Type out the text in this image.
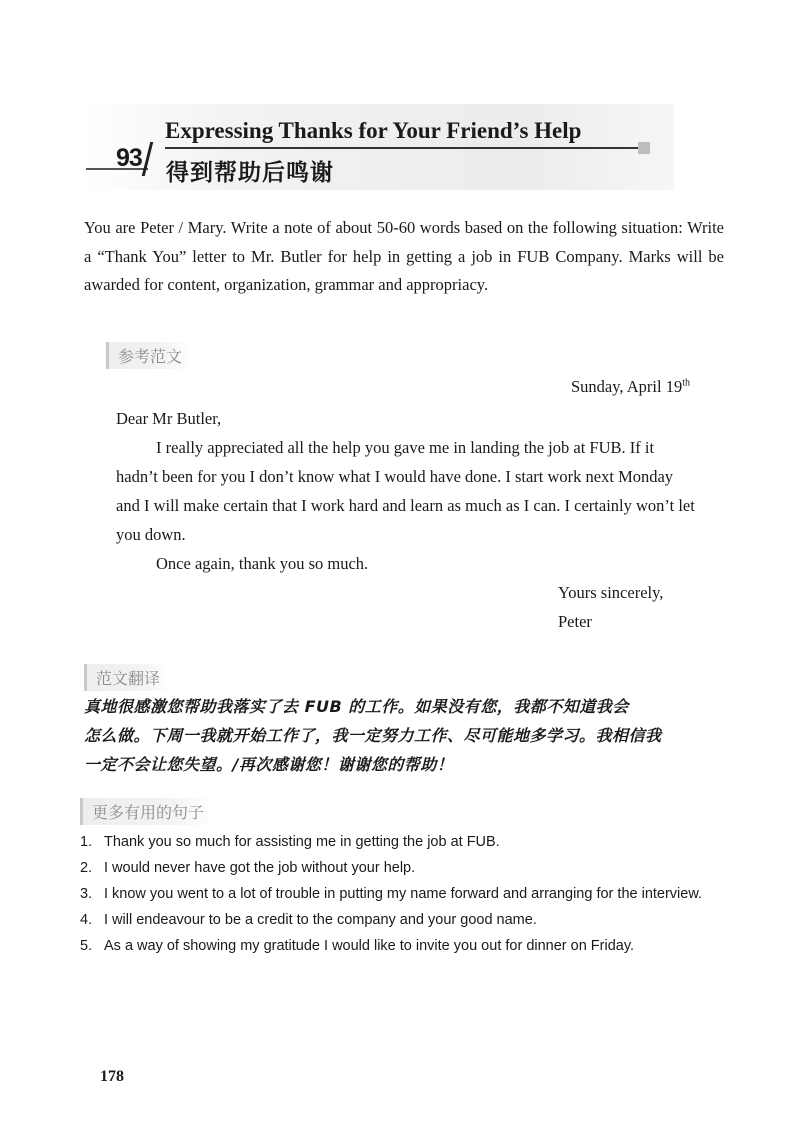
93
Expressing Thanks for Your Friend’s Help
得到帮助后鸣谢
You are Peter / Mary. Write a note of about 50-60 words based on the following situation: Write a “Thank You” letter to Mr. Butler for help in getting a job in FUB Company. Marks will be awarded for content, organization, grammar and appropriacy.
参考范文
Sunday, April 19th

Dear Mr Butler,

I really appreciated all the help you gave me in landing the job at FUB. If it hadn’t been for you I don’t know what I would have done. I start work next Monday and I will make certain that I work hard and learn as much as I can. I certainly won’t let you down.

Once again, thank you so much.

Yours sincerely,
Peter
范文翻译
真地很感激您帮助我落实了去 FUB 的工作。如果没有您，我都不知道我会
怎么做。下周一我就开始工作了，我一定努力工作、尽可能地多学习。我相信我
一定不会让您失望。/再次感谢您！谢谢您的帮助！
更多有用的句子
1. Thank you so much for assisting me in getting the job at FUB.
2. I would never have got the job without your help.
3. I know you went to a lot of trouble in putting my name forward and arranging for the interview.
4. I will endeavour to be a credit to the company and your good name.
5. As a way of showing my gratitude I would like to invite you out for dinner on Friday.
178
